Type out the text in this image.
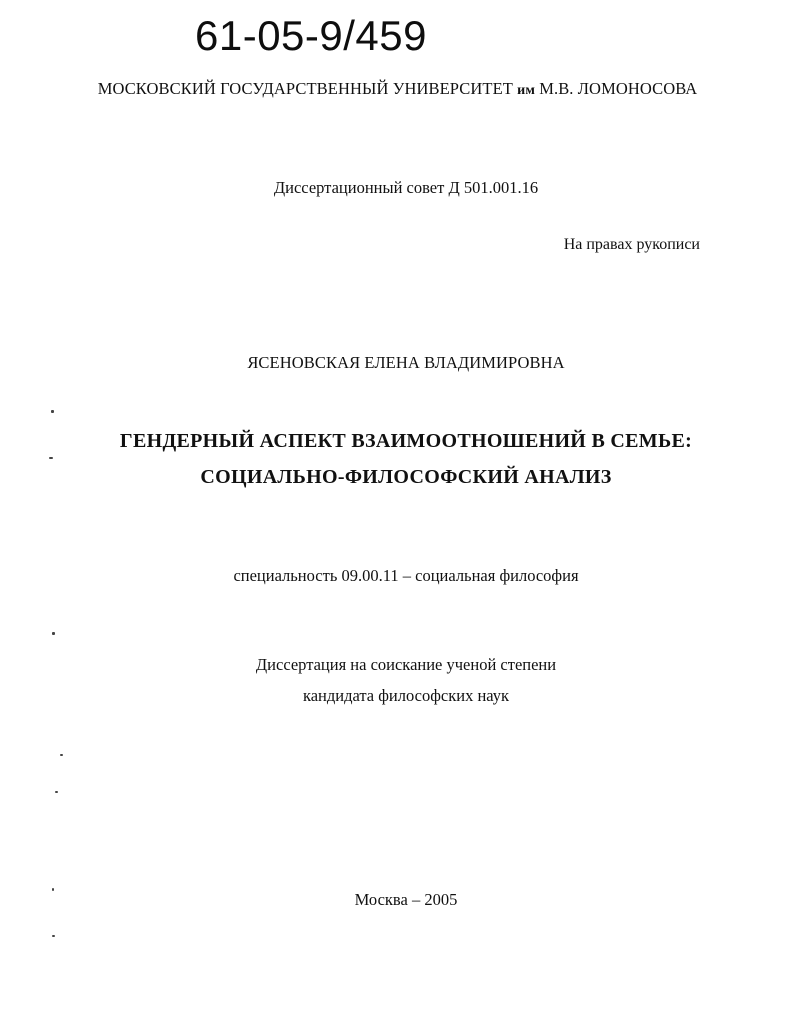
61-05-9/459
МОСКОВСКИЙ ГОСУДАРСТВЕННЫЙ УНИВЕРСИТЕТ им М.В. ЛОМОНОСОВА
Диссертационный совет Д 501.001.16
На правах рукописи
ЯСЕНОВСКАЯ ЕЛЕНА ВЛАДИМИРОВНА
ГЕНДЕРНЫЙ АСПЕКТ ВЗАИМООТНОШЕНИЙ В СЕМЬЕ:
СОЦИАЛЬНО-ФИЛОСОФСКИЙ АНАЛИЗ
специальность 09.00.11 – социальная философия
Диссертация на соискание ученой степени
кандидата философских наук
Москва – 2005
